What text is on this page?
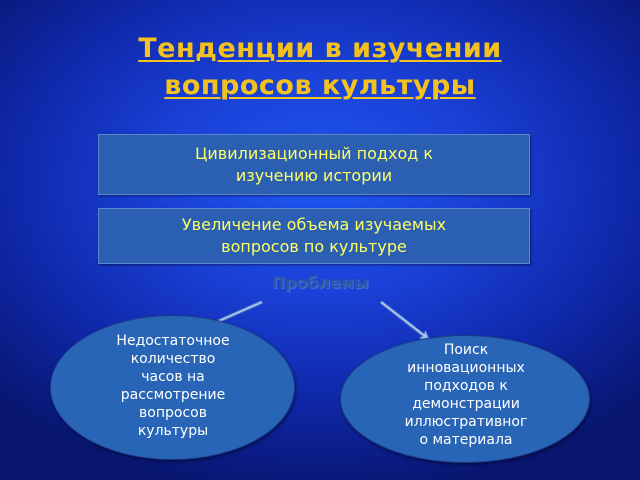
Тенденции в изучении
вопросов культуры
Цивилизационный подход к
изучению истории
Увеличение объема изучаемых
вопросов по культуре
Проблемы
Недостаточное
количество
часов на
рассмотрение
вопросов
культуры
Поиск
инновационных
подходов к
демонстрации
иллюстративног
о материала
